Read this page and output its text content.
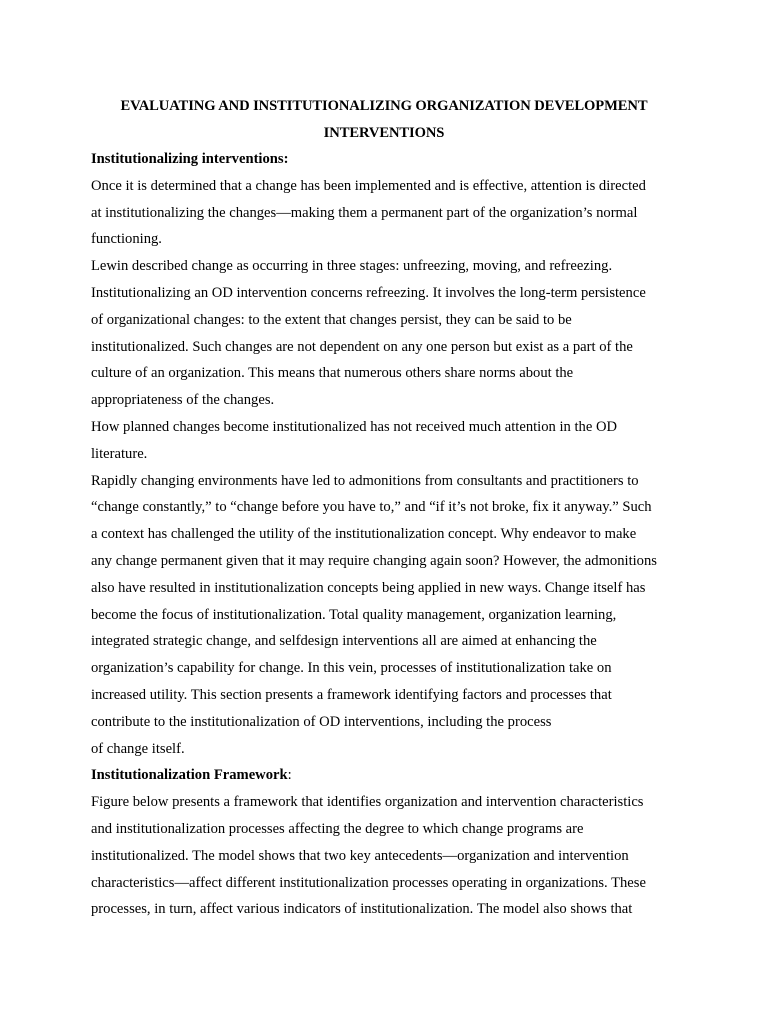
EVALUATING AND INSTITUTIONALIZING ORGANIZATION DEVELOPMENT
INTERVENTIONS
Institutionalizing interventions:

Once it is determined that a change has been implemented and is effective, attention is directed
at institutionalizing the changes—making them a permanent part of the organization’s normal
functioning.

Lewin described change as occurring in three stages: unfreezing, moving, and refreezing.
Institutionalizing an OD intervention concerns refreezing. It involves the long-term persistence
of organizational changes: to the extent that changes persist, they can be said to be
institutionalized. Such changes are not dependent on any one person but exist as a part of the
culture of an organization. This means that numerous others share norms about the
appropriateness of the changes.

How planned changes become institutionalized has not received much attention in the OD
literature.

Rapidly changing environments have led to admonitions from consultants and practitioners to
“change constantly,” to “change before you have to,” and “if it’s not broke, fix it anyway.” Such
a context has challenged the utility of the institutionalization concept. Why endeavor to make
any change permanent given that it may require changing again soon? However, the admonitions
also have resulted in institutionalization concepts being applied in new ways. Change itself has
become the focus of institutionalization. Total quality management, organization learning,
integrated strategic change, and selfdesign interventions all are aimed at enhancing the
organization’s capability for change. In this vein, processes of institutionalization take on
increased utility. This section presents a framework identifying factors and processes that
contribute to the institutionalization of OD interventions, including the process
of change itself.

Institutionalization Framework:

Figure below presents a framework that identifies organization and intervention characteristics
and institutionalization processes affecting the degree to which change programs are
institutionalized. The model shows that two key antecedents—organization and intervention
characteristics—affect different institutionalization processes operating in organizations. These
processes, in turn, affect various indicators of institutionalization. The model also shows that
